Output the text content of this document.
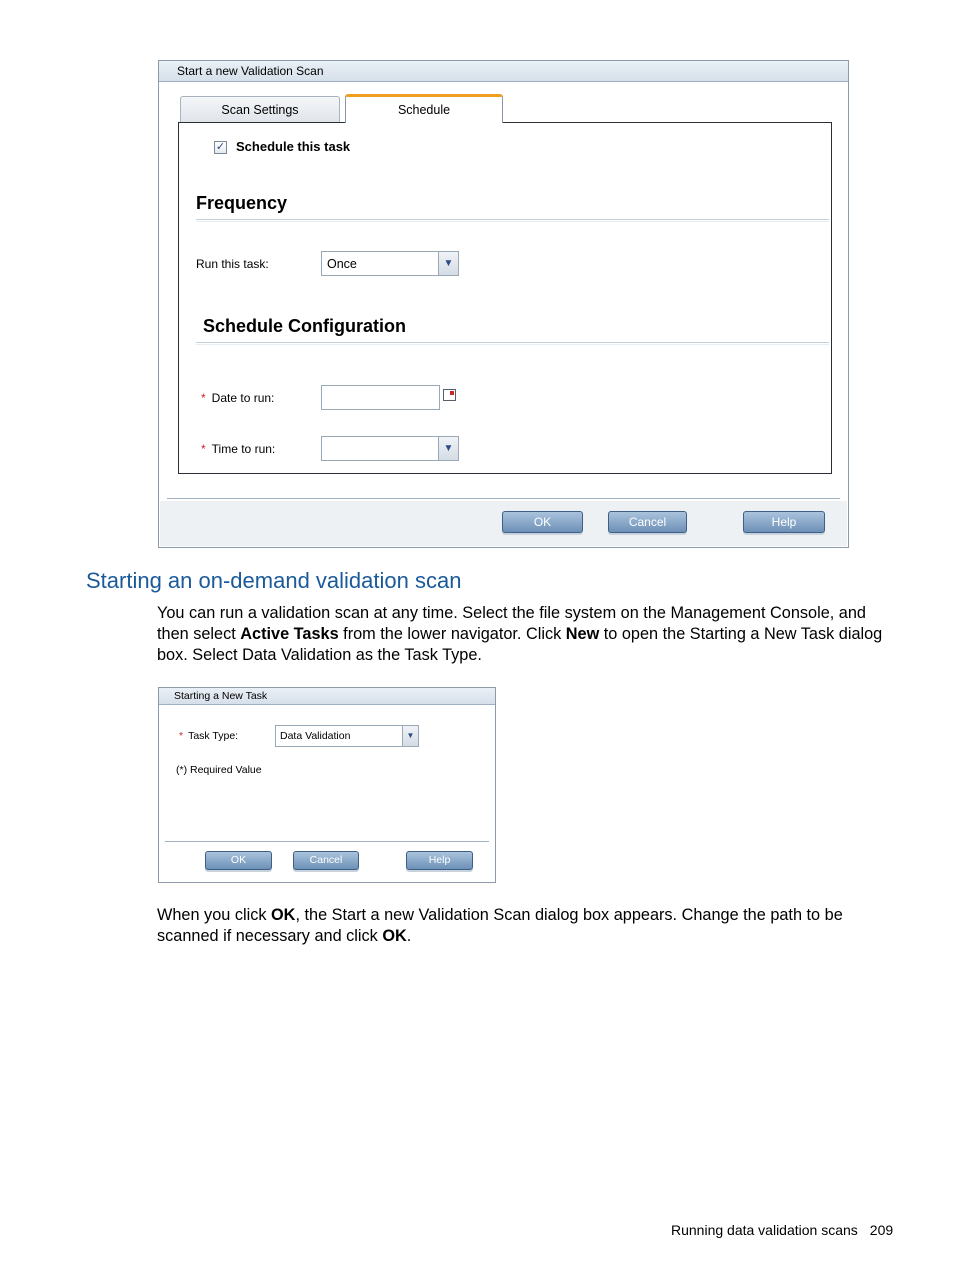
Start a new Validation Scan
Scan Settings	Schedule
✓ Schedule this task
Frequency
Run this task:	Once	▼
Schedule Configuration
* Date to run:
* Time to run:	▼
OK	Cancel	Help
Starting an on-demand validation scan
You can run a validation scan at any time. Select the file system on the Management Console, and then select Active Tasks from the lower navigator. Click New to open the Starting a New Task dialog box. Select Data Validation as the Task Type.
Starting a New Task
* Task Type:	Data Validation	▼
(*) Required Value
OK	Cancel	Help
When you click OK, the Start a new Validation Scan dialog box appears. Change the path to be scanned if necessary and click OK.
Running data validation scans 209
